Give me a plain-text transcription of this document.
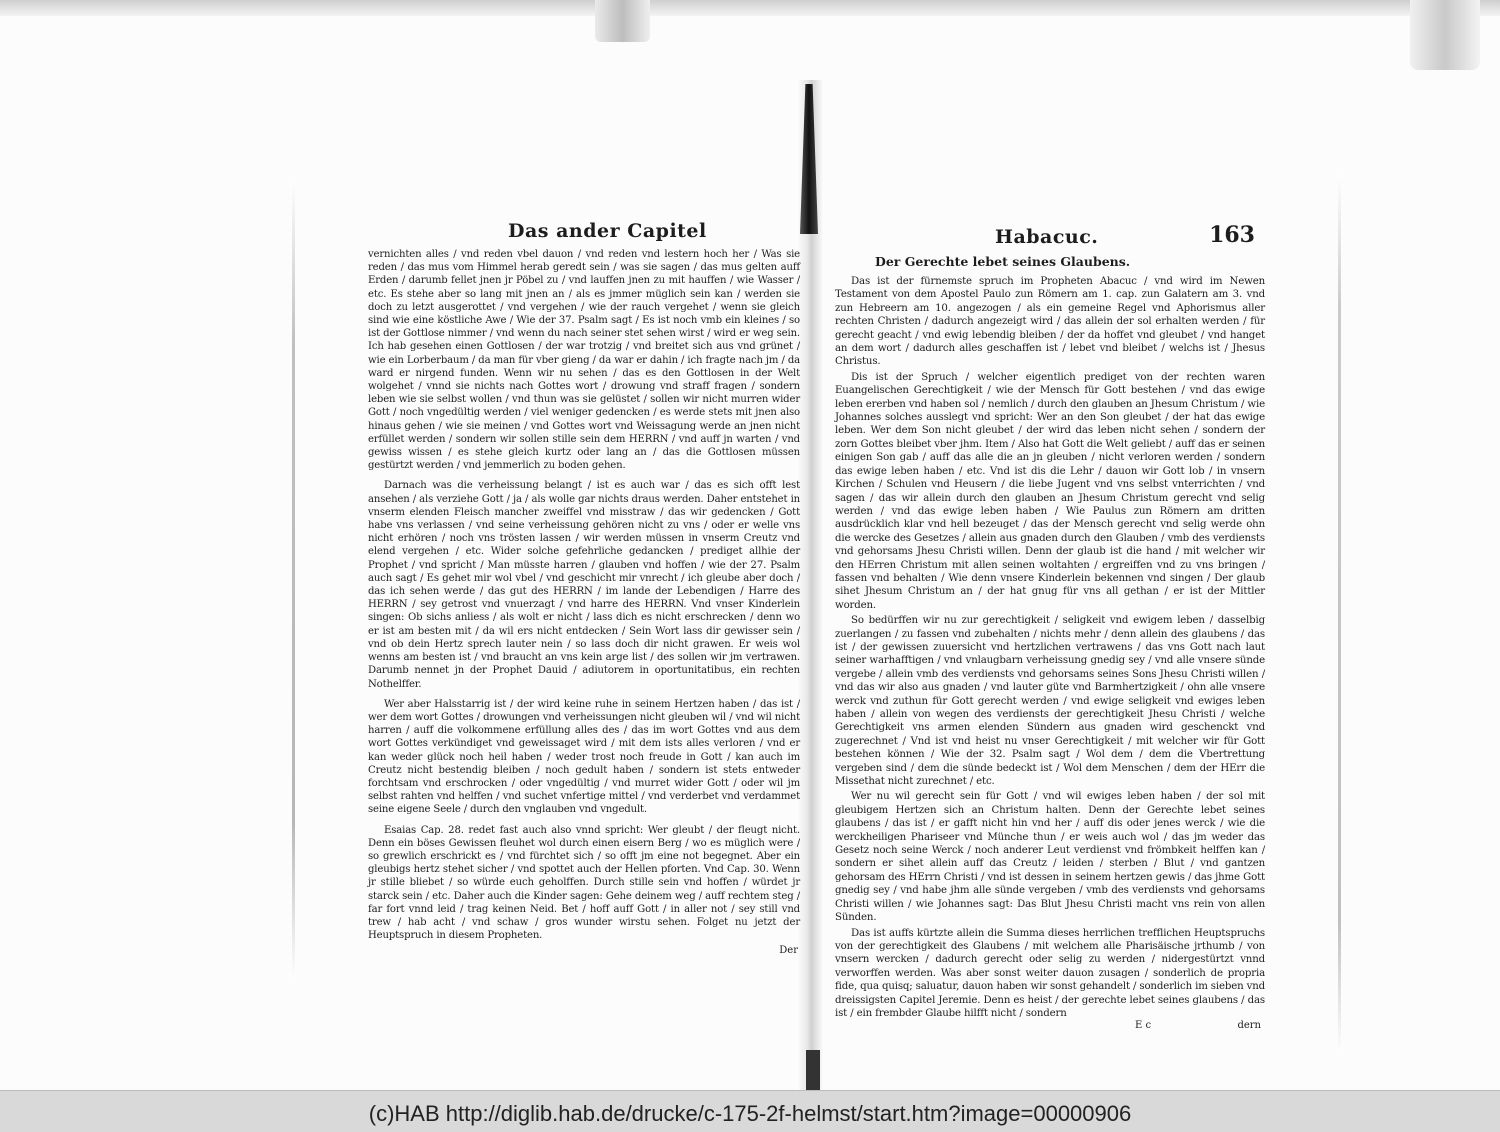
Das ander Capitel

vernichten alles / vnd reden vbel dauon / vnd reden vnd lestern hoch her / Was sie reden / das mus vom Himmel herab geredt sein / was sie sagen / das mus gelten auff Erden / darumb fellet jnen jr Pöbel zu / vnd lauffen jnen zu mit hauffen / wie Wasser / etc. Es stehe aber so lang mit jnen an / als es jmmer müglich sein kan / werden sie doch zu letzt ausgerottet / vnd vergehen / wie der rauch vergehet / wenn sie gleich sind wie eine köstliche Awe / Wie der 37. Psalm sagt / Es ist noch vmb ein kleines / so ist der Gottlose nimmer / vnd wenn du nach seiner stet sehen wirst / wird er weg sein. Ich hab gesehen einen Gottlosen / der war trotzig / vnd breitet sich aus vnd grünet / wie ein Lorberbaum / da man für vber gieng / da war er dahin / ich fragte nach jm / da ward er nirgend funden. Wenn wir nu sehen / das es den Gottlosen in der Welt wolgehet / vnnd sie nichts nach Gottes wort / drowung vnd straff fragen / sondern leben wie sie selbst wollen / vnd thun was sie gelüstet / sollen wir nicht murren wider Gott / noch vngedültig werden / viel weniger gedencken / es werde stets mit jnen also hinaus gehen / wie sie meinen / vnd Gottes wort vnd Weissagung werde an jnen nicht erfüllet werden / sondern wir sollen stille sein dem HERRN / vnd auff jn warten / vnd gewiss wissen / es stehe gleich kurtz oder lang an / das die Gottlosen müssen gestürtzt werden / vnd jemmerlich zu boden gehen.

Darnach was die verheissung belangt / ist es auch war / das es sich offt lest ansehen / als verziehe Gott / ja / als wolle gar nichts draus werden. Daher entstehet in vnserm elenden Fleisch mancher zweiffel vnd misstraw / das wir gedencken / Gott habe vns verlassen / vnd seine verheissung gehören nicht zu vns / oder er welle vns nicht erhören / noch vns trösten lassen / wir werden müssen in vnserm Creutz vnd elend vergehen / etc. Wider solche gefehrliche gedancken / prediget allhie der Prophet / vnd spricht / Man müsste harren / glauben vnd hoffen / wie der 27. Psalm auch sagt / Es gehet mir wol vbel / vnd geschicht mir vnrecht / ich gleube aber doch / das ich sehen werde / das gut des HERRN / im lande der Lebendigen / Harre des HERRN / sey getrost vnd vnuerzagt / vnd harre des HERRN. Vnd vnser Kinderlein singen: Ob sichs anliess / als wolt er nicht / lass dich es nicht erschrecken / denn wo er ist am besten mit / da wil ers nicht entdecken / Sein Wort lass dir gewisser sein / vnd ob dein Hertz sprech lauter nein / so lass doch dir nicht grawen. Er weis wol wenns am besten ist / vnd braucht an vns kein arge list / des sollen wir jm vertrawen. Darumb nennet jn der Prophet Dauid / adiutorem in oportunitatibus, ein rechten Nothelffer.

Wer aber Halsstarrig ist / der wird keine ruhe in seinem Hertzen haben / das ist / wer dem wort Gottes / drowungen vnd verheissungen nicht gleuben wil / vnd wil nicht harren / auff die volkommene erfüllung alles des / das im wort Gottes vnd aus dem wort Gottes verkündiget vnd geweissaget wird / mit dem ists alles verloren / vnd er kan weder glück noch heil haben / weder trost noch freude in Gott / kan auch im Creutz nicht bestendig bleiben / noch gedult haben / sondern ist stets entweder forchtsam vnd erschrocken / oder vngedültig / vnd murret wider Gott / oder wil jm selbst rahten vnd helffen / vnd suchet vnfertige mittel / vnd verderbet vnd verdammet seine eigene Seele / durch den vnglauben vnd vngedult.

Esaias Cap. 28. redet fast auch also vnnd spricht: Wer gleubt / der fleugt nicht. Denn ein böses Gewissen fleuhet wol durch einen eisern Berg / wo es müglich were / so grewlich erschrickt es / vnd fürchtet sich / so offt jm eine not begegnet. Aber ein gleubigs hertz stehet sicher / vnd spottet auch der Hellen pforten. Vnd Cap. 30. Wenn jr stille bliebet / so würde euch geholffen. Durch stille sein vnd hoffen / würdet jr starck sein / etc. Daher auch die Kinder sagen: Gehe deinem weg / auff rechtem steg / far fort vnnd leid / trag keinen Neid. Bet / hoff auff Gott / in aller not / sey still vnd trew / hab acht / vnd schaw / gros wunder wirstu sehen. Folget nu jetzt der Heuptspruch in diesem Propheten.

Der
Habacuc.	163
Der Gerechte lebet seines Glaubens.

Das ist der fürnemste spruch im Propheten Abacuc / vnd wird im Newen Testament von dem Apostel Paulo zun Römern am 1. cap. zun Galatern am 3. vnd zun Hebreern am 10. angezogen / als ein gemeine Regel vnd Aphorismus aller rechten Christen / dadurch angezeigt wird / das allein der sol erhalten werden / für gerecht geacht / vnd ewig lebendig bleiben / der da hoffet vnd gleubet / vnd hanget an dem wort / dadurch alles geschaffen ist / lebet vnd bleibet / welchs ist / Jhesus Christus.

Dis ist der Spruch / welcher eigentlich prediget von der rechten waren Euangelischen Gerechtigkeit / wie der Mensch für Gott bestehen / vnd das ewige leben ererben vnd haben sol / nemlich / durch den glauben an Jhesum Christum / wie Johannes solches ausslegt vnd spricht: Wer an den Son gleubet / der hat das ewige leben. Wer dem Son nicht gleubet / der wird das leben nicht sehen / sondern der zorn Gottes bleibet vber jhm. Item / Also hat Gott die Welt geliebt / auff das er seinen einigen Son gab / auff das alle die an jn gleuben / nicht verloren werden / sondern das ewige leben haben / etc. Vnd ist dis die Lehr / dauon wir Gott lob / in vnsern Kirchen / Schulen vnd Heusern / die liebe Jugent vnd vns selbst vnterrichten / vnd sagen / das wir allein durch den glauben an Jhesum Christum gerecht vnd selig werden / vnd das ewige leben haben / Wie Paulus zun Römern am dritten ausdrücklich klar vnd hell bezeuget / das der Mensch gerecht vnd selig werde ohn die wercke des Gesetzes / allein aus gnaden durch den Glauben / vmb des verdiensts vnd gehorsams Jhesu Christi willen. Denn der glaub ist die hand / mit welcher wir den HErren Christum mit allen seinen woltahten / ergreiffen vnd zu vns bringen / fassen vnd behalten / Wie denn vnsere Kinderlein bekennen vnd singen / Der glaub sihet Jhesum Christum an / der hat gnug für vns all gethan / er ist der Mittler worden.

So bedürffen wir nu zur gerechtigkeit / seligkeit vnd ewigem leben / dasselbig zuerlangen / zu fassen vnd zubehalten / nichts mehr / denn allein des glaubens / das ist / der gewissen zuuersicht vnd hertzlichen vertrawens / das vns Gott nach laut seiner warhafftigen / vnd vnlaugbarn verheissung gnedig sey / vnd alle vnsere sünde vergebe / allein vmb des verdiensts vnd gehorsams seines Sons Jhesu Christi willen / vnd das wir also aus gnaden / vnd lauter güte vnd Barmhertzigkeit / ohn alle vnsere werck vnd zuthun für Gott gerecht werden / vnd ewige seligkeit vnd ewiges leben haben / allein von wegen des verdiensts der gerechtigkeit Jhesu Christi / welche Gerechtigkeit vns armen elenden Sündern aus gnaden wird geschenckt vnd zugerechnet / Vnd ist vnd heist nu vnser Gerechtigkeit / mit welcher wir für Gott bestehen können / Wie der 32. Psalm sagt / Wol dem / dem die Vbertrettung vergeben sind / dem die sünde bedeckt ist / Wol dem Menschen / dem der HErr die Missethat nicht zurechnet / etc.

Wer nu wil gerecht sein für Gott / vnd wil ewiges leben haben / der sol mit gleubigem Hertzen sich an Christum halten. Denn der Gerechte lebet seines glaubens / das ist / er gafft nicht hin vnd her / auff dis oder jenes werck / wie die werckheiligen Phariseer vnd Münche thun / er weis auch wol / das jm weder das Gesetz noch seine Werck / noch anderer Leut verdienst vnd frömbkeit helffen kan / sondern er sihet allein auff das Creutz / leiden / sterben / Blut / vnd gantzen gehorsam des HErrn Christi / vnd ist dessen in seinem hertzen gewis / das jhme Gott gnedig sey / vnd habe jhm alle sünde vergeben / vmb des verdiensts vnd gehorsams Christi willen / wie Johannes sagt: Das Blut Jhesu Christi macht vns rein von allen Sünden.

Das ist auffs kürtzte allein die Summa dieses herrlichen trefflichen Heuptspruchs von der gerechtigkeit des Glaubens / mit welchem alle Pharisäische jrthumb / von vnsern wercken / dadurch gerecht oder selig zu werden / nidergestürtzt vnnd verworffen werden. Was aber sonst weiter dauon zusagen / sonderlich de propria fide, qua quisq; saluatur, dauon haben wir sonst gehandelt / sonderlich im sieben vnd dreissigsten Capitel Jeremie. Denn es heist / der gerechte lebet seines glaubens / das ist / ein frembder Glaube hilfft nicht / sondern

E c	dern
(c)HAB http://diglib.hab.de/drucke/c-175-2f-helmst/start.htm?image=00000906
